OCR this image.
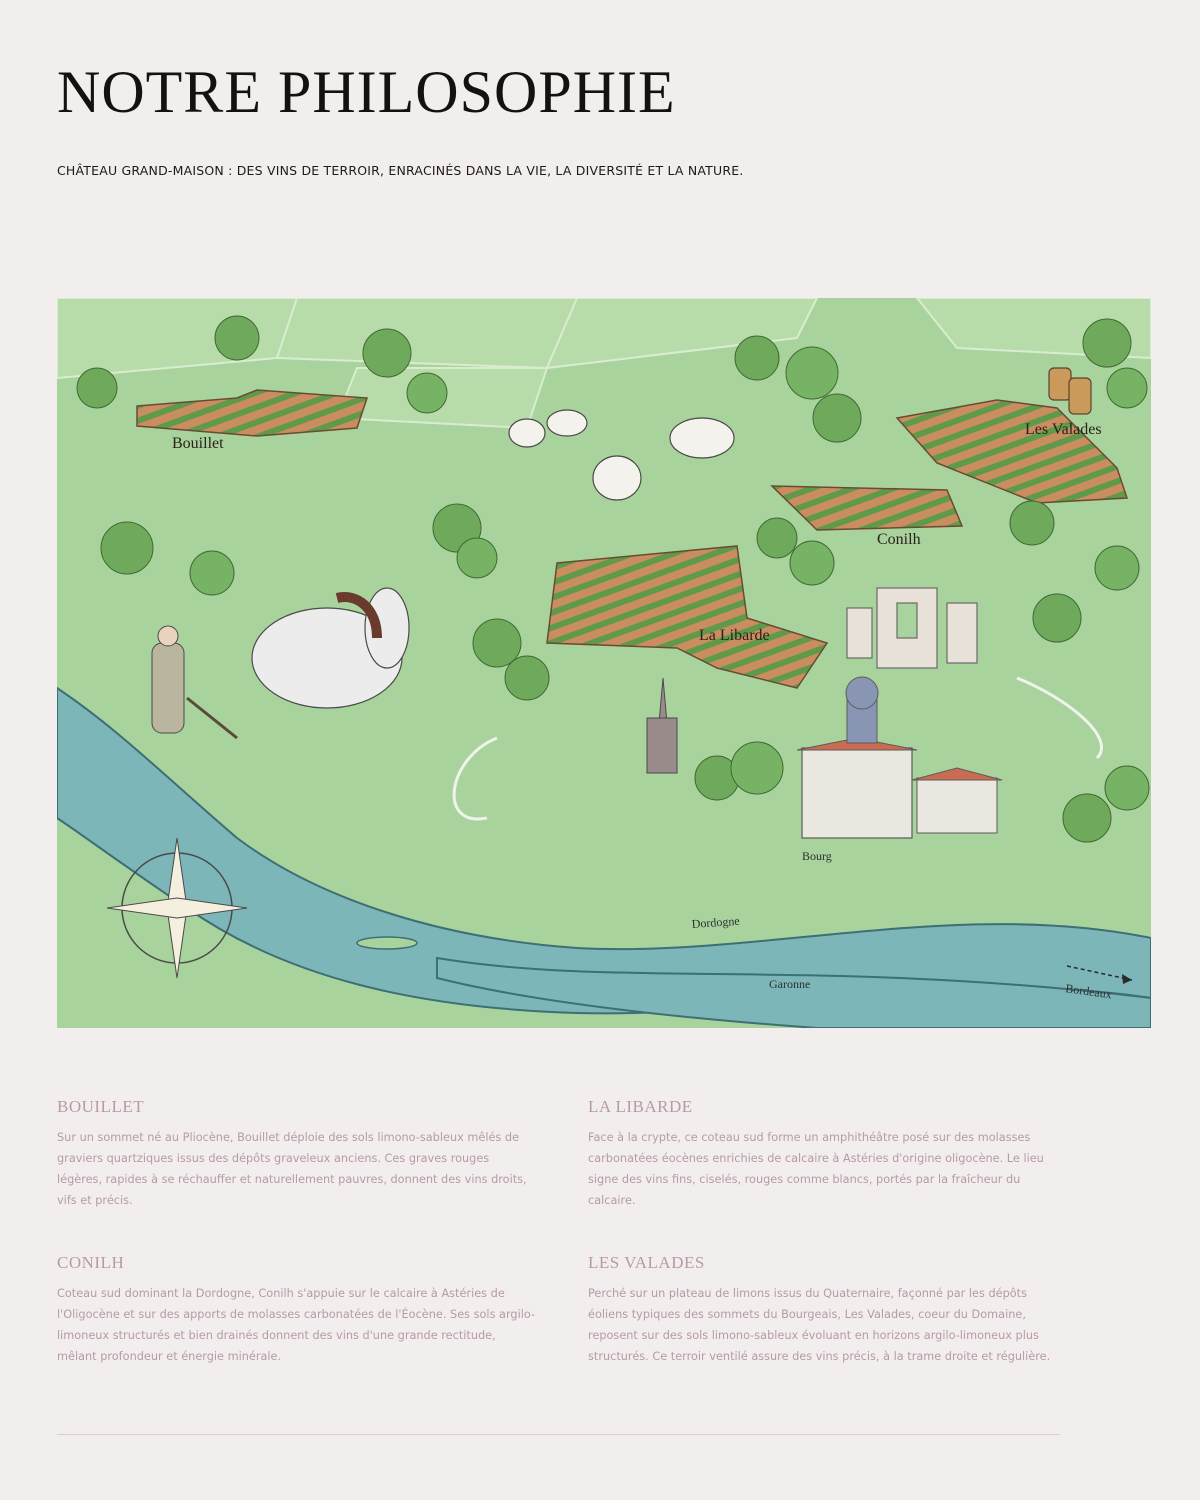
NOTRE PHILOSOPHIE
CHÂTEAU GRAND-MAISON : DES VINS DE TERROIR, ENRACINÉS DANS LA VIE, LA DIVERSITÉ ET LA NATURE.
Bouillet
Les Valades
Conilh
La Libarde
Bourg
Dordogne
Garonne	Bordeaux
BOUILLET

Sur un sommet né au Pliocène, Bouillet déploie des sols limono-sableux mêlés de graviers quartziques issus des dépôts graveleux anciens. Ces graves rouges légères, rapides à se réchauffer et naturellement pauvres, donnent des vins droits, vifs et précis.

LA LIBARDE

Face à la crypte, ce coteau sud forme un amphithéâtre posé sur des molasses carbonatées éocènes enrichies de calcaire à Astéries d'origine oligocène. Le lieu signe des vins fins, ciselés, rouges comme blancs, portés par la fraîcheur du calcaire.

CONILH

Coteau sud dominant la Dordogne, Conilh s'appuie sur le calcaire à Astéries de l'Oligocène et sur des apports de molasses carbonatées de l'Éocène. Ses sols argilo-limoneux structurés et bien drainés donnent des vins d'une grande rectitude, mêlant profondeur et énergie minérale.

LES VALADES

Perché sur un plateau de limons issus du Quaternaire, façonné par les dépôts éoliens typiques des sommets du Bourgeais, Les Valades, coeur du Domaine, reposent sur des sols limono-sableux évoluant en horizons argilo-limoneux plus structurés. Ce terroir ventilé assure des vins précis, à la trame droite et régulière.
